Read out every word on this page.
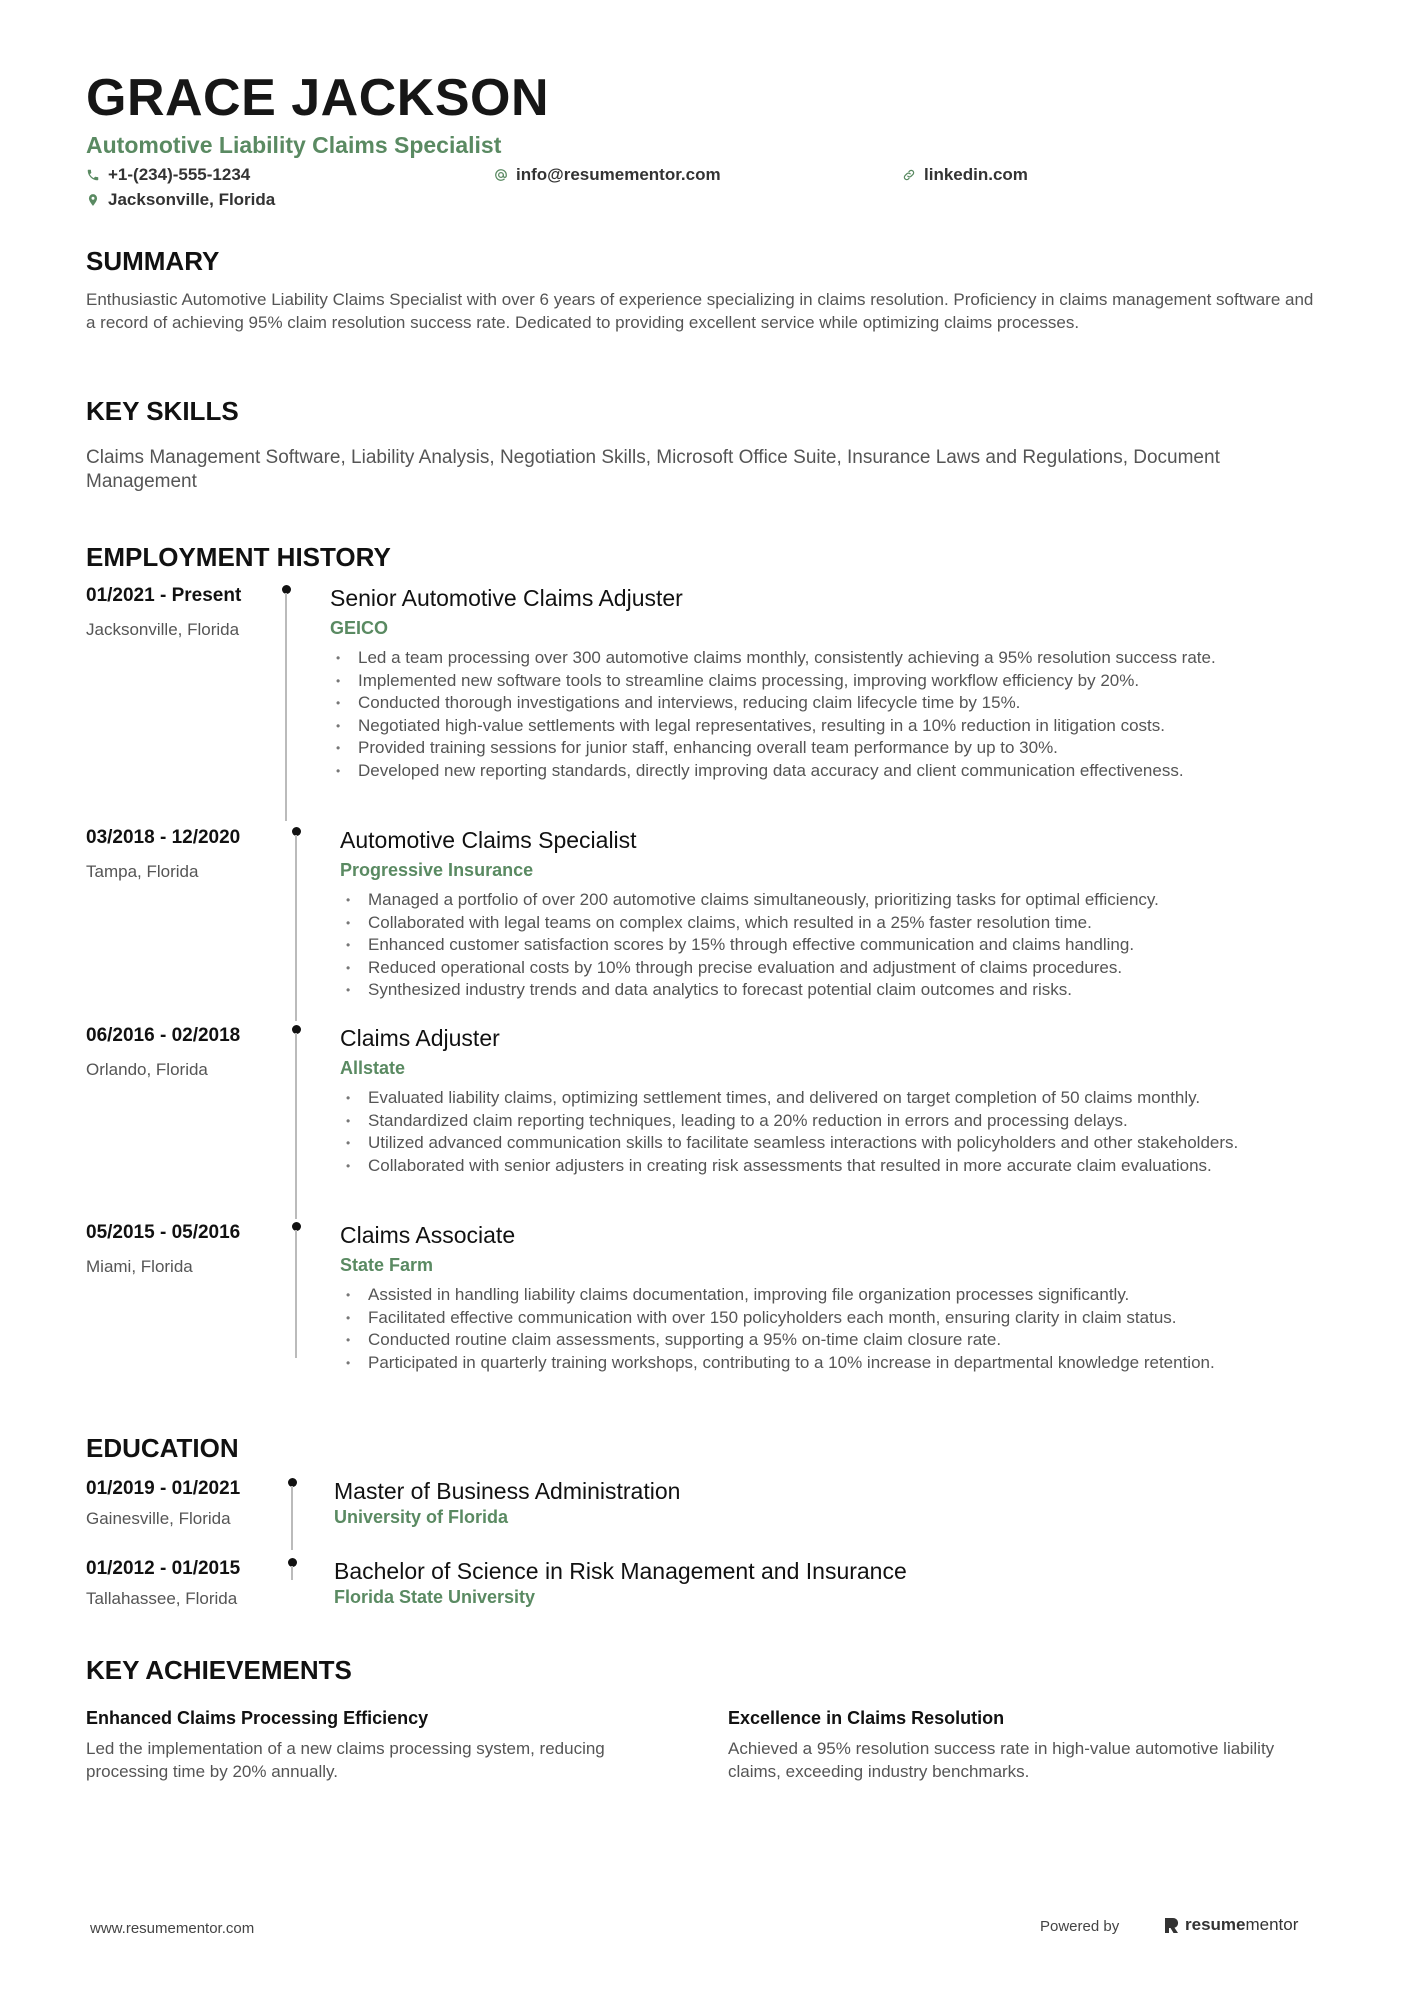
GRACE JACKSON
Automotive Liability Claims Specialist
+1-(234)-555-1234	info@resumementor.com	linkedin.com
Jacksonville, Florida
SUMMARY

Enthusiastic Automotive Liability Claims Specialist with over 6 years of experience specializing in claims resolution. Proficiency in claims management software and a record of achieving 95% claim resolution success rate. Dedicated to providing excellent service while optimizing claims processes.

KEY SKILLS

Claims Management Software, Liability Analysis, Negotiation Skills, Microsoft Office Suite, Insurance Laws and Regulations, Document Management

EMPLOYMENT HISTORY

01/2021 - Present

Jacksonville, Florida

Senior Automotive Claims Adjuster

GEICO

• Led a team processing over 300 automotive claims monthly, consistently achieving a 95% resolution success rate.
• Implemented new software tools to streamline claims processing, improving workflow efficiency by 20%.
• Conducted thorough investigations and interviews, reducing claim lifecycle time by 15%.
• Negotiated high-value settlements with legal representatives, resulting in a 10% reduction in litigation costs.
• Provided training sessions for junior staff, enhancing overall team performance by up to 30%.
• Developed new reporting standards, directly improving data accuracy and client communication effectiveness.

03/2018 - 12/2020

Tampa, Florida

Automotive Claims Specialist

Progressive Insurance

• Managed a portfolio of over 200 automotive claims simultaneously, prioritizing tasks for optimal efficiency.
• Collaborated with legal teams on complex claims, which resulted in a 25% faster resolution time.
• Enhanced customer satisfaction scores by 15% through effective communication and claims handling.
• Reduced operational costs by 10% through precise evaluation and adjustment of claims procedures.
• Synthesized industry trends and data analytics to forecast potential claim outcomes and risks.

06/2016 - 02/2018

Orlando, Florida

Claims Adjuster

Allstate

• Evaluated liability claims, optimizing settlement times, and delivered on target completion of 50 claims monthly.
• Standardized claim reporting techniques, leading to a 20% reduction in errors and processing delays.
• Utilized advanced communication skills to facilitate seamless interactions with policyholders and other stakeholders.
• Collaborated with senior adjusters in creating risk assessments that resulted in more accurate claim evaluations.

05/2015 - 05/2016

Miami, Florida

Claims Associate

State Farm

• Assisted in handling liability claims documentation, improving file organization processes significantly.
• Facilitated effective communication with over 150 policyholders each month, ensuring clarity in claim status.
• Conducted routine claim assessments, supporting a 95% on-time claim closure rate.
• Participated in quarterly training workshops, contributing to a 10% increase in departmental knowledge retention.
EDUCATION

01/2019 - 01/2021

Gainesville, Florida

Master of Business Administration

University of Florida

01/2012 - 01/2015

Tallahassee, Florida

Bachelor of Science in Risk Management and Insurance

Florida State University

KEY ACHIEVEMENTS

Enhanced Claims Processing Efficiency

Led the implementation of a new claims processing system, reducing processing time by 20% annually.

Excellence in Claims Resolution

Achieved a 95% resolution success rate in high-value automotive liability claims, exceeding industry benchmarks.

www.resumementor.com	Powered by	resumementor
